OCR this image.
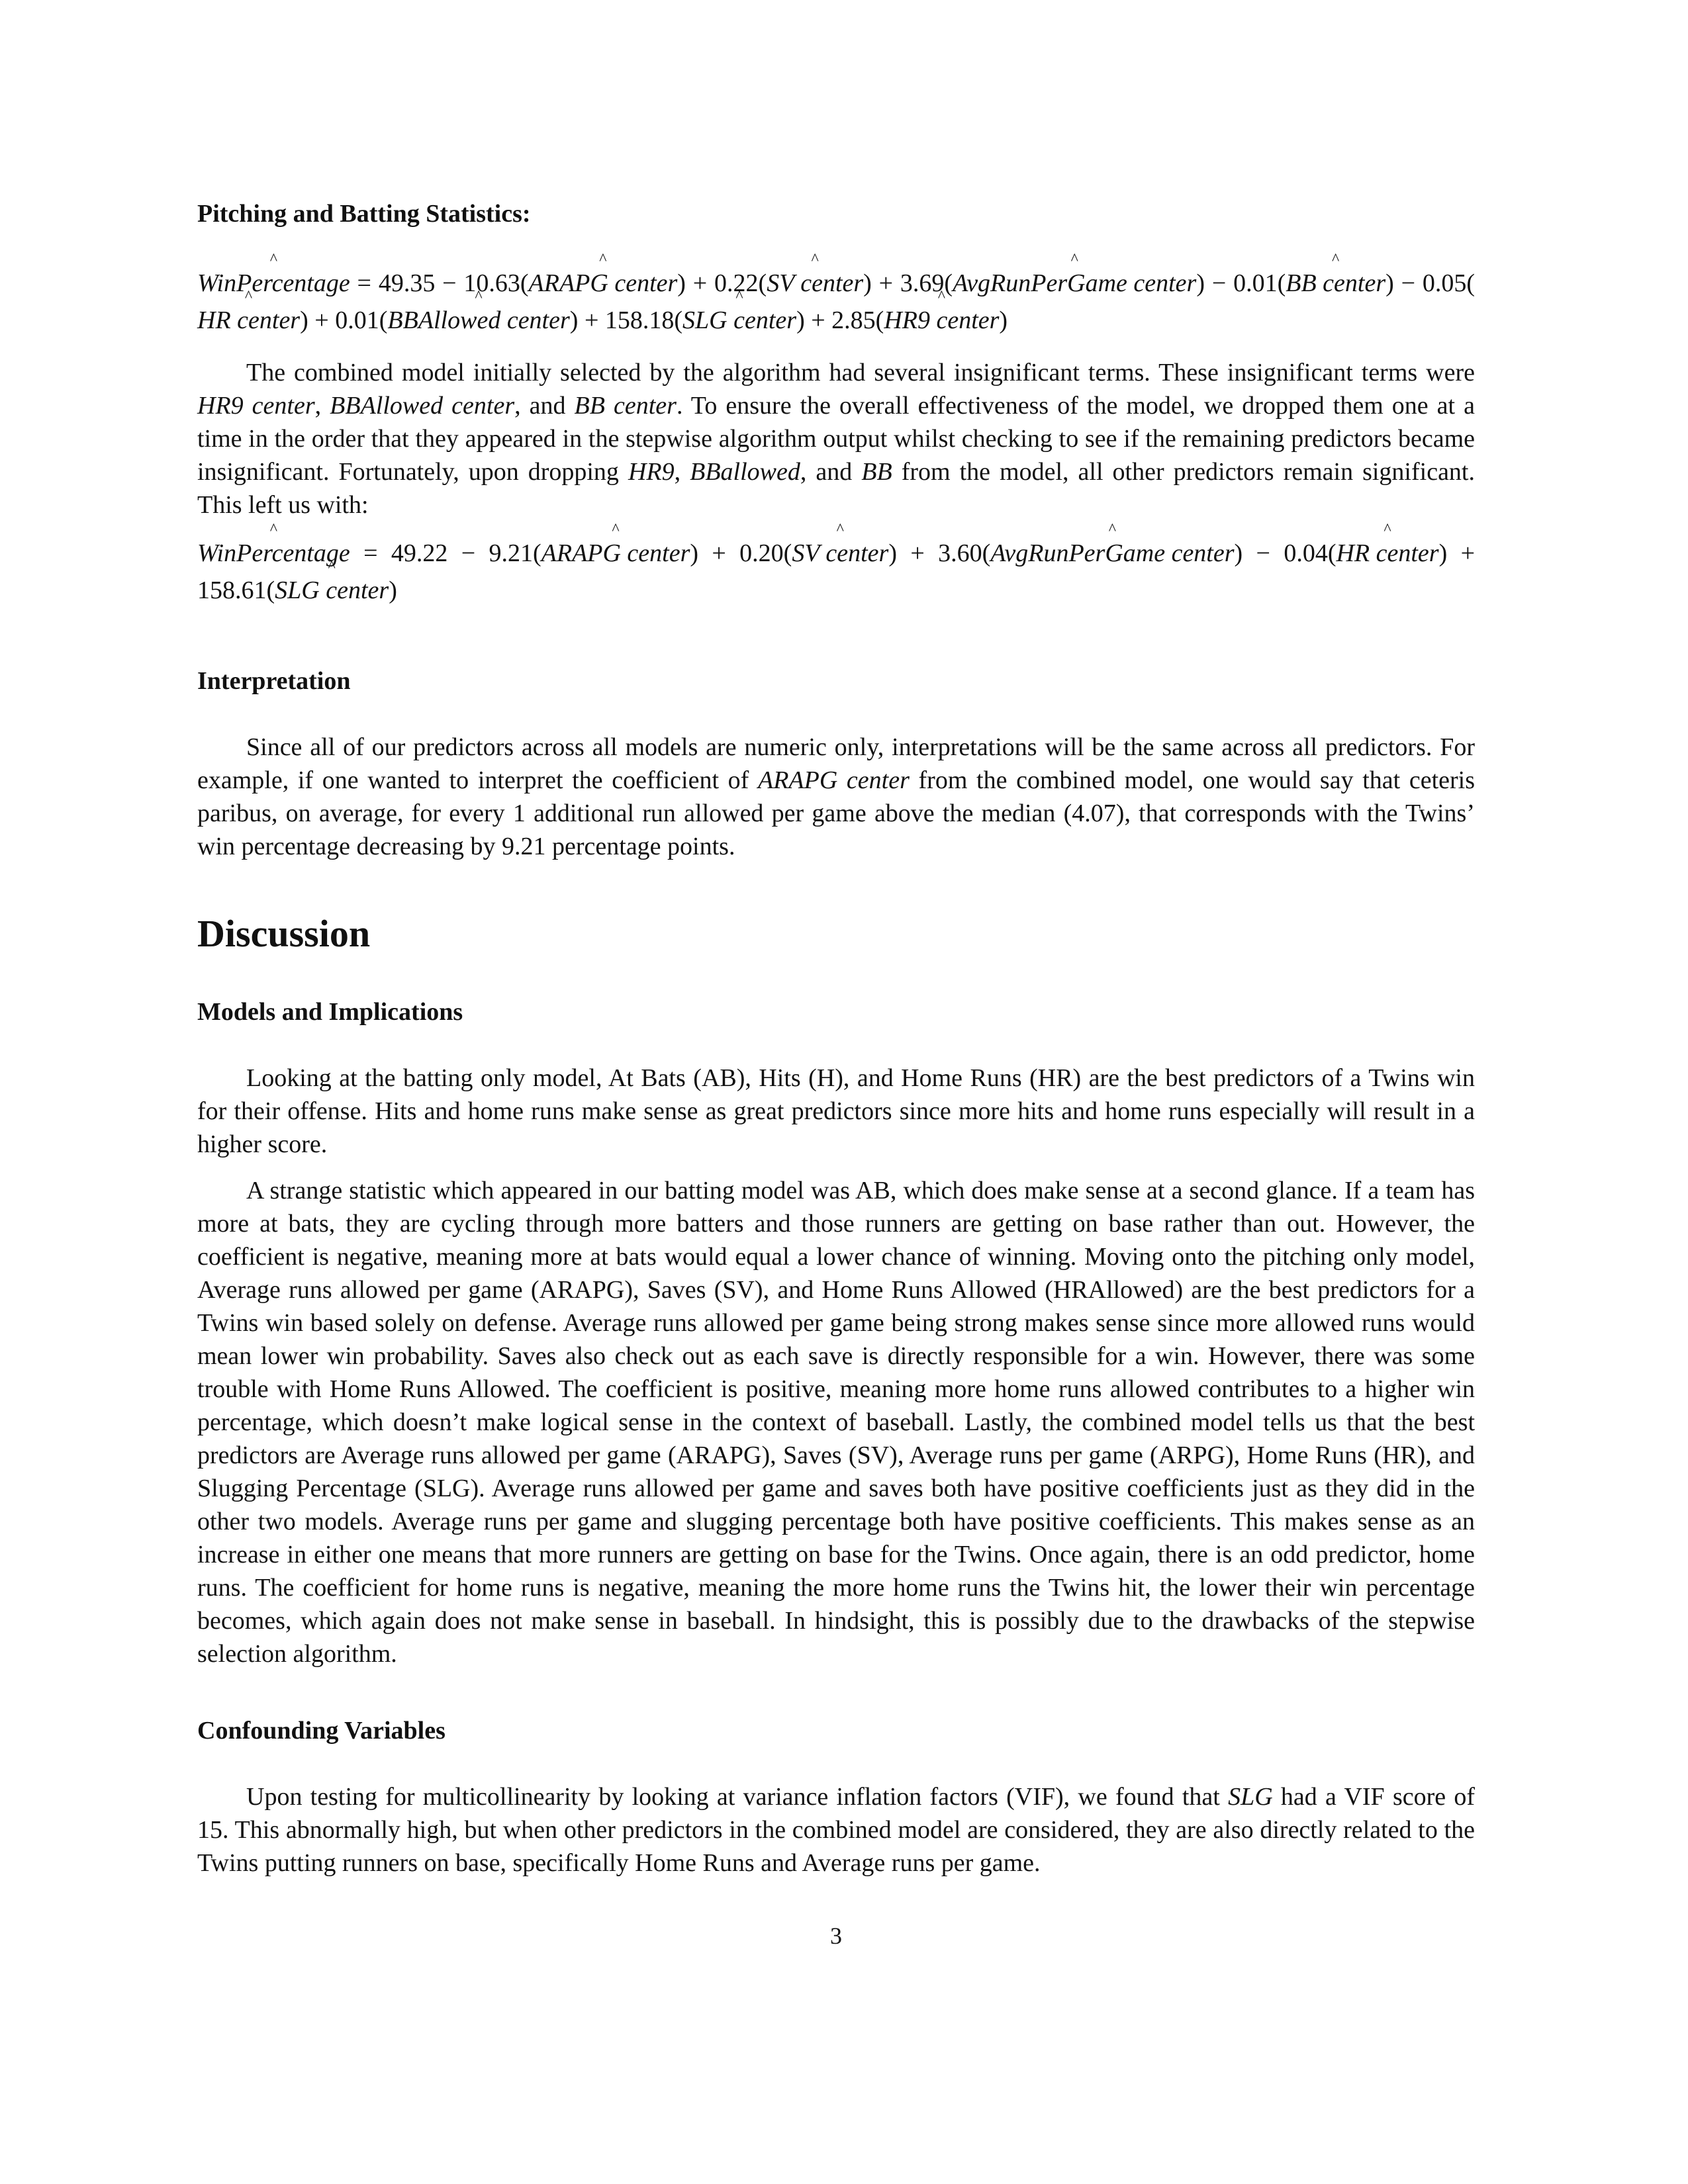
Pitching and Batting Statistics:
^ WinPercentage = 49.35 − 10.63(^ ARAPG center) + 0.22(^ SV center) + 3.69(^ AvgRunPerGame center) − 0.01(^ BB center) − 0.05(^ HR center) + 0.01(^ BBAllowed center) + 158.18(^ SLG center) + 2.85(^ HR9 center)

The combined model initially selected by the algorithm had several insignificant terms. These insignificant terms were HR9 center, BBAllowed center, and BB center. To ensure the overall effectiveness of the model, we dropped them one at a time in the order that they appeared in the stepwise algorithm output whilst checking to see if the remaining predictors became insignificant. Fortunately, upon dropping HR9, BBallowed, and BB from the model, all other predictors remain significant. This left us with:

^ WinPercentage = 49.22 − 9.21(^ ARAPG center) + 0.20(^ SV center) + 3.60(^ AvgRunPerGame center) − 0.04(^ HR center) + 158.61(^ SLG center)
Interpretation

Since all of our predictors across all models are numeric only, interpretations will be the same across all predictors. For example, if one wanted to interpret the coefficient of ARAPG center from the combined model, one would say that ceteris paribus, on average, for every 1 additional run allowed per game above the median (4.07), that corresponds with the Twins’ win percentage decreasing by 9.21 percentage points.

Discussion
Models and Implications

Looking at the batting only model, At Bats (AB), Hits (H), and Home Runs (HR) are the best predictors of a Twins win for their offense. Hits and home runs make sense as great predictors since more hits and home runs especially will result in a higher score.

A strange statistic which appeared in our batting model was AB, which does make sense at a second glance. If a team has more at bats, they are cycling through more batters and those runners are getting on base rather than out. However, the coefficient is negative, meaning more at bats would equal a lower chance of winning. Moving onto the pitching only model, Average runs allowed per game (ARAPG), Saves (SV), and Home Runs Allowed (HRAllowed) are the best predictors for a Twins win based solely on defense. Average runs allowed per game being strong makes sense since more allowed runs would mean lower win probability. Saves also check out as each save is directly responsible for a win. However, there was some trouble with Home Runs Allowed. The coefficient is positive, meaning more home runs allowed contributes to a higher win percentage, which doesn’t make logical sense in the context of baseball. Lastly, the combined model tells us that the best predictors are Average runs allowed per game (ARAPG), Saves (SV), Average runs per game (ARPG), Home Runs (HR), and Slugging Percentage (SLG). Average runs allowed per game and saves both have positive coefficients just as they did in the other two models. Average runs per game and slugging percentage both have positive coefficients. This makes sense as an increase in either one means that more runners are getting on base for the Twins. Once again, there is an odd predictor, home runs. The coefficient for home runs is negative, meaning the more home runs the Twins hit, the lower their win percentage becomes, which again does not make sense in baseball. In hindsight, this is possibly due to the drawbacks of the stepwise selection algorithm.

Confounding Variables

Upon testing for multicollinearity by looking at variance inflation factors (VIF), we found that SLG had a VIF score of 15. This abnormally high, but when other predictors in the combined model are considered, they are also directly related to the Twins putting runners on base, specifically Home Runs and Average runs per game.

3
